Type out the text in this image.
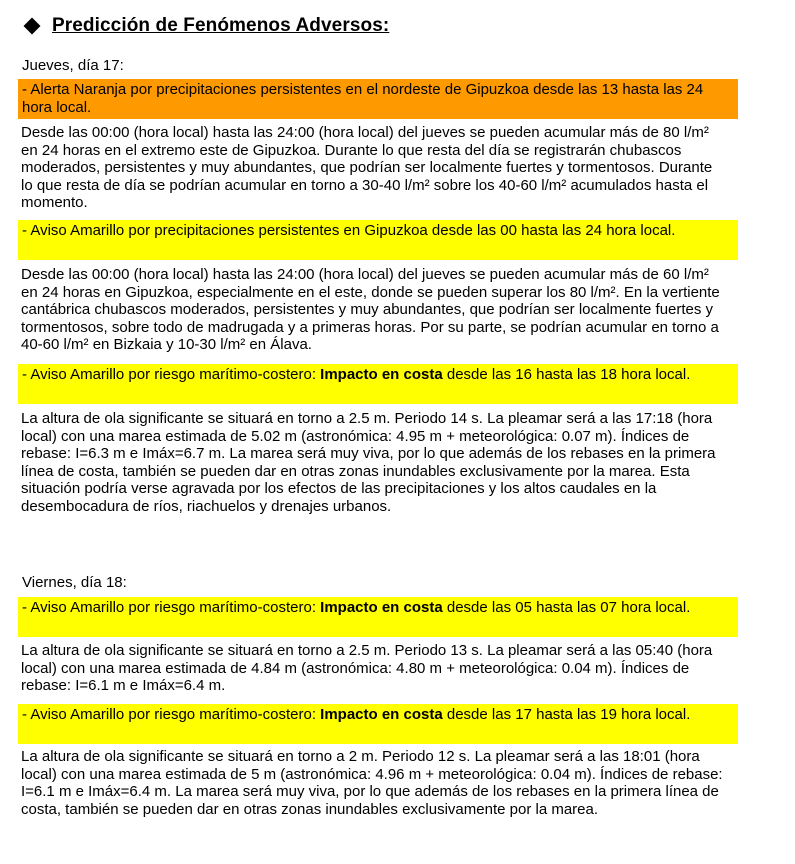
Predicción de Fenómenos Adversos:
Jueves, día 17:
- Alerta Naranja por precipitaciones persistentes en el nordeste de Gipuzkoa desde las 13 hasta las 24 hora local.
Desde las 00:00 (hora local) hasta las 24:00 (hora local) del jueves se pueden acumular más de 80 l/m² en 24 horas en el extremo este de Gipuzkoa. Durante lo que resta del día se registrarán chubascos moderados, persistentes y muy abundantes, que podrían ser localmente fuertes y tormentosos. Durante lo que resta de día se podrían acumular en torno a 30-40 l/m² sobre los 40-60 l/m² acumulados hasta el momento.
- Aviso Amarillo por precipitaciones persistentes en Gipuzkoa desde las 00 hasta las 24 hora local.
Desde las 00:00 (hora local) hasta las 24:00 (hora local) del jueves se pueden acumular más de 60 l/m² en 24 horas en Gipuzkoa, especialmente en el este, donde se pueden superar los 80 l/m². En la vertiente cantábrica chubascos moderados, persistentes y muy abundantes, que podrían ser localmente fuertes y tormentosos, sobre todo de madrugada y a primeras horas. Por su parte, se podrían acumular en torno a 40-60 l/m² en Bizkaia y 10-30 l/m² en Álava.
- Aviso Amarillo por riesgo marítimo-costero: Impacto en costa desde las 16 hasta las 18 hora local.
La altura de ola significante se situará en torno a 2.5 m. Periodo 14 s. La pleamar será a las 17:18 (hora local) con una marea estimada de 5.02 m (astronómica: 4.95 m + meteorológica: 0.07 m). Índices de rebase: I=6.3 m e Imáx=6.7 m. La marea será muy viva, por lo que además de los rebases en la primera línea de costa, también se pueden dar en otras zonas inundables exclusivamente por la marea. Esta situación podría verse agravada por los efectos de las precipitaciones y los altos caudales en la desembocadura de ríos, riachuelos y drenajes urbanos.
Viernes, día 18:
- Aviso Amarillo por riesgo marítimo-costero: Impacto en costa desde las 05 hasta las 07 hora local.
La altura de ola significante se situará en torno a 2.5 m. Periodo 13 s. La pleamar será a las 05:40 (hora local) con una marea estimada de 4.84 m (astronómica: 4.80 m + meteorológica: 0.04 m). Índices de rebase: I=6.1 m e Imáx=6.4 m.
- Aviso Amarillo por riesgo marítimo-costero: Impacto en costa desde las 17 hasta las 19 hora local.
La altura de ola significante se situará en torno a 2 m. Periodo 12 s. La pleamar será a las 18:01 (hora local) con una marea estimada de 5 m (astronómica: 4.96 m + meteorológica: 0.04 m). Índices de rebase: I=6.1 m e Imáx=6.4 m. La marea será muy viva, por lo que además de los rebases en la primera línea de costa, también se pueden dar en otras zonas inundables exclusivamente por la marea.
